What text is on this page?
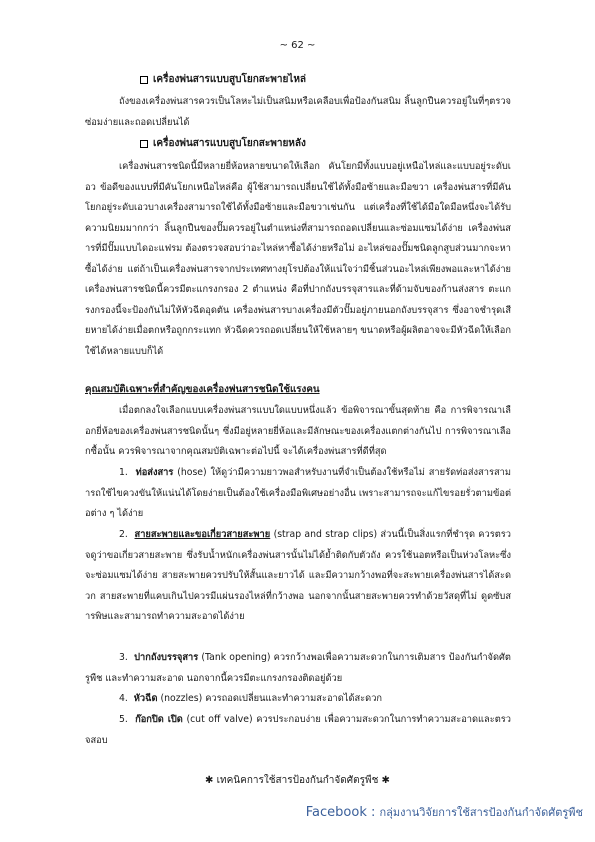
~ 62 ~
เครื่องพ่นสารแบบสูบโยกสะพายไหล่
ถังของเครื่องพ่นสารควรเป็นโลหะไม่เป็นสนิมหรือเคลือบเพื่อป้องกันสนิม ลิ้นลูกปืนควรอยู่ในที่ๆตรวจซ่อมง่ายและถอดเปลี่ยนได้
เครื่องพ่นสารแบบสูบโยกสะพายหลัง
เครื่องพ่นสารชนิดนี้มีหลายยี่ห้อหลายขนาดให้เลือก คันโยกมีทั้งแบบอยู่เหนือไหล่และแบบอยู่ระดับเอว ข้อดีของแบบที่มีคันโยกเหนือไหล่คือ ผู้ใช้สามารถเปลี่ยนใช้ได้ทั้งมือซ้ายและมือขวา เครื่องพ่นสารที่มีคันโยกอยู่ระดับเอวบางเครื่องสามารถใช้ได้ทั้งมือซ้ายและมือขวาเช่นกัน แต่เครื่องที่ใช้ได้มือใดมือหนึ่งจะได้รับความนิยมมากกว่า ลิ้นลูกปืนของปั๊มควรอยู่ในตำแหน่งที่สามารถถอดเปลี่ยนและซ่อมแซมได้ง่าย เครื่องพ่นสารที่มีปั๊มแบบไดอะแฟรม ต้องตรวจสอบว่าอะไหล่หาซื้อได้ง่ายหรือไม่ อะไหล่ของปั๊มชนิดลูกสูบส่วนมากจะหาซื้อได้ง่าย แต่ถ้าเป็นเครื่องพ่นสารจากประเทศทางยุโรปต้องให้แน่ใจว่ามีชิ้นส่วนอะไหล่เพียงพอและหาได้ง่าย เครื่องพ่นสารชนิดนี้ควรมีตะแกรงกรอง 2 ตำแหน่ง คือที่ปากถังบรรจุสารและที่ด้ามจับของก้านส่งสาร ตะแกรงกรองนี้จะป้องกันไม่ให้หัวฉีดอุดตัน เครื่องพ่นสารบางเครื่องมีตัวปั๊มอยู่ภายนอกถังบรรจุสาร ซึ่งอาจชำรุดเสียหายได้ง่ายเมื่อตกหรือถูกกระแทก หัวฉีดควรถอดเปลี่ยนให้ใช้หลายๆ ขนาดหรือผู้ผลิตอาจจะมีหัวฉีดให้เลือกใช้ได้หลายแบบก็ได้
คุณสมบัติเฉพาะที่สำคัญของเครื่องพ่นสารชนิดใช้แรงคน
เมื่อตกลงใจเลือกแบบเครื่องพ่นสารแบบใดแบบหนึ่งแล้ว ข้อพิจารณาขั้นสุดท้าย คือ การพิจารณาเลือกยี่ห้อของเครื่องพ่นสารชนิดนั้นๆ ซึ่งมีอยู่หลายยี่ห้อและมีลักษณะของเครื่องแตกต่างกันไป การพิจารณาเลือกซื้อนั้น ควรพิจารณาจากคุณสมบัติเฉพาะต่อไปนี้ จะได้เครื่องพ่นสารที่ดีที่สุด
1. ท่อส่งสาร (hose) ให้ดูว่ามีความยาวพอสำหรับงานที่จำเป็นต้องใช้หรือไม่ สายรัดท่อส่งสารสามารถใช้ไขควงขันให้แน่นได้โดยง่ายเป็นต้องใช้เครื่องมือพิเศษอย่างอื่น เพราะสามารถจะแก้ไขรอยรั่วตามข้อต่อต่าง ๆ ได้ง่าย
2. สายสะพายและขอเกี่ยวสายสะพาย (strap and strap clips) ส่วนนี้เป็นสิ่งแรกที่ชำรุด ควรตรวจดูว่าขอเกี่ยวสายสะพาย ซึ่งรับน้ำหนักเครื่องพ่นสารนั้นไม่ได้ย้ำติดกับตัวถัง ควรใช้นอตหรือเป็นห่วงโลหะซึ่งจะซ่อมแซมได้ง่าย สายสะพายควรปรับให้สั้นและยาวได้ และมีความกว้างพอที่จะสะพายเครื่องพ่นสารได้สะดวก สายสะพายที่แคบเกินไปควรมีแผ่นรองไหล่ที่กว้างพอ นอกจากนั้นสายสะพายควรทำด้วยวัสดุที่ไม่ ดูดซับสารพิษและสามารถทำความสะอาดได้ง่าย
3. ปากถังบรรจุสาร (Tank opening) ควรกว้างพอเพื่อความสะดวกในการเติมสาร ป้องกันกำจัดศัตรูพืช และทำความสะอาด นอกจากนี้ควรมีตะแกรงกรองติดอยู่ด้วย
4. หัวฉีด (nozzles) ควรถอดเปลี่ยนและทำความสะอาดได้สะดวก
5. ก๊อกปิด เปิด (cut off valve) ควรประกอบง่าย เพื่อความสะดวกในการทำความสะอาดและตรวจสอบ
✱ เทคนิคการใช้สารป้องกันกำจัดศัตรูพืช ✱
Facebook : กลุ่มงานวิจัยการใช้สารป้องกันกำจัดศัตรูพืช
